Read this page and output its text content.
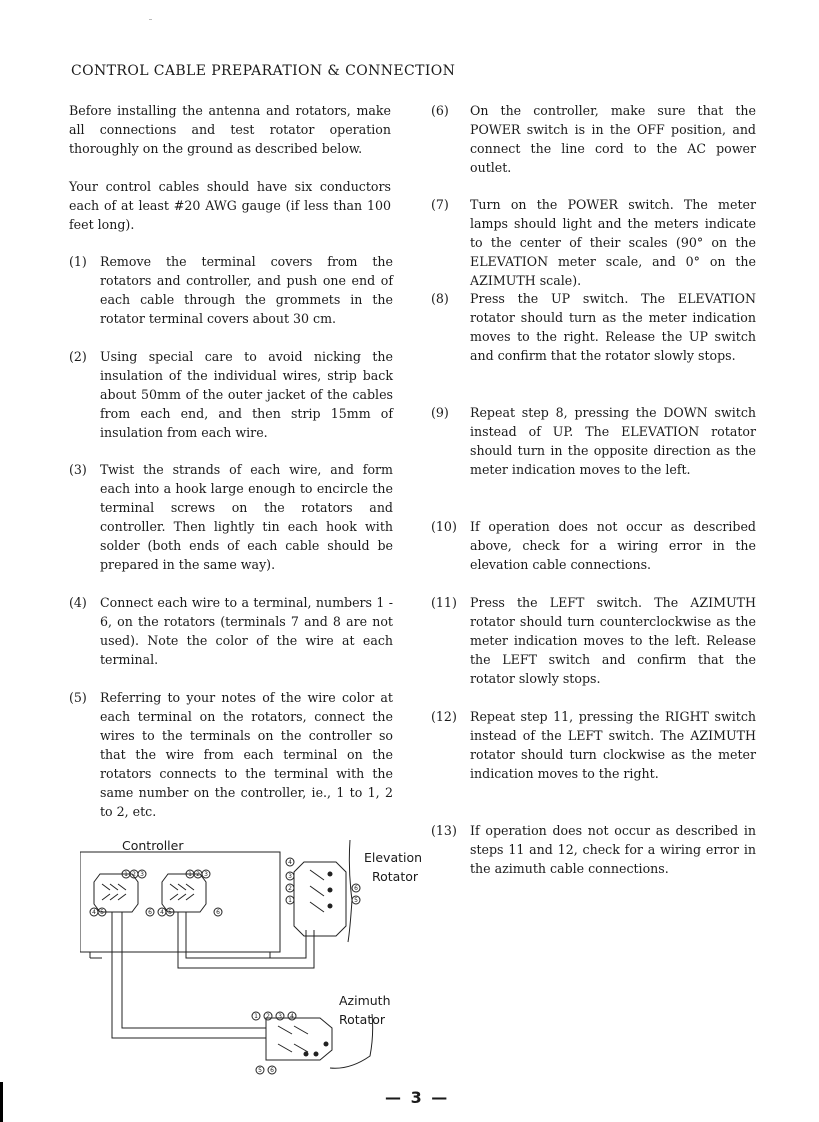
CONTROL CABLE PREPARATION & CONNECTION

Before installing the antenna and rotators, make all connections and test rotator operation thoroughly on the ground as described below.

Your control cables should have six conductors each of at least #20 AWG gauge (if less than 100 feet long).

(1) Remove the terminal covers from the rotators and controller, and push one end of each cable through the grommets in the rotator terminal covers about 30 cm.
(2) Using special care to avoid nicking the insulation of the individual wires, strip back about 50mm of the outer jacket of the cables from each end, and then strip 15mm of insulation from each wire.
(3) Twist the strands of each wire, and form each into a hook large enough to encircle the terminal screws on the rotators and controller. Then lightly tin each hook with solder (both ends of each cable should be prepared in the same way).
(4) Connect each wire to a terminal, numbers 1 - 6, on the rotators (terminals 7 and 8 are not used). Note the color of the wire at each terminal.
(5) Referring to your notes of the wire color at each terminal on the rotators, connect the wires to the terminals on the controller so that the wire from each terminal on the rotators connects to the terminal with the same number on the controller, ie., 1 to 1, 2 to 2, etc.
(6) On the controller, make sure that the POWER switch is in the OFF position, and connect the line cord to the AC power outlet.
(7) Turn on the POWER switch. The meter lamps should light and the meters indicate to the center of their scales (90° on the ELEVATION meter scale, and 0° on the AZIMUTH scale).
(8) Press the UP switch. The ELEVATION rotator should turn as the meter indication moves to the right. Release the UP switch and confirm that the rotator slowly stops.
(9) Repeat step 8, pressing the DOWN switch instead of UP. The ELEVATION rotator should turn in the opposite direction as the meter indication moves to the left.
(10) If operation does not occur as described above, check for a wiring error in the elevation cable connections.
(11) Press the LEFT switch. The AZIMUTH rotator should turn counterclockwise as the meter indication moves to the left. Release the LEFT switch and confirm that the rotator slowly stops.
(12) Repeat step 11, pressing the RIGHT switch instead of the LEFT switch. The AZIMUTH rotator should turn clockwise as the meter indication moves to the right.
(13) If operation does not occur as described in steps 11 and 12, check for a wiring error in the azimuth cable connections.
Controller
Elevation
Rotator
Azimuth
Rotator
1 2 3
4 5	6
1 2 3
4 5	6
4
3
2
1
6
5
1 2 3 4
5 6
— 3 —
